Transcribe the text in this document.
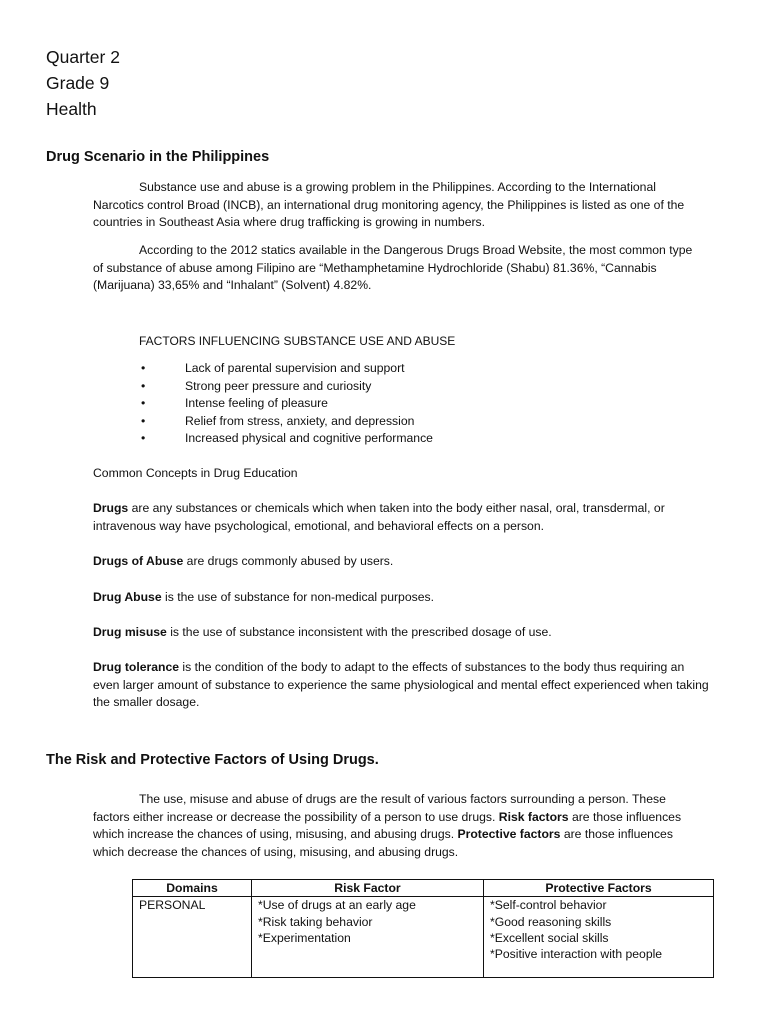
Quarter 2
Grade 9
Health
Drug Scenario in the Philippines

Substance use and abuse is a growing problem in the Philippines. According to the International Narcotics control Broad (INCB), an international drug monitoring agency, the Philippines is listed as one of the countries in Southeast Asia where drug trafficking is growing in numbers.

According to the 2012 statics available in the Dangerous Drugs Broad Website, the most common type of substance of abuse among Filipino are “Methamphetamine Hydrochloride (Shabu) 81.36%, “Cannabis (Marijuana) 33,65% and “Inhalant” (Solvent) 4.82%.

FACTORS INFLUENCING SUBSTANCE USE AND ABUSE
•	Lack of parental supervision and support
•	Strong peer pressure and curiosity
•	Intense feeling of pleasure
•	Relief from stress, anxiety, and depression
•	Increased physical and cognitive performance
Common Concepts in Drug Education
Drugs are any substances or chemicals which when taken into the body either nasal, oral, transdermal, or intravenous way have psychological, emotional, and behavioral effects on a person.
Drugs of Abuse are drugs commonly abused by users.
Drug Abuse is the use of substance for non-medical purposes.
Drug misuse is the use of substance inconsistent with the prescribed dosage of use.
Drug tolerance is the condition of the body to adapt to the effects of substances to the body thus requiring an even larger amount of substance to experience the same physiological and mental effect experienced when taking the smaller dosage.
The Risk and Protective Factors of Using Drugs.

The use, misuse and abuse of drugs are the result of various factors surrounding a person. These factors either increase or decrease the possibility of a person to use drugs. Risk factors are those influences which increase the chances of using, misusing, and abusing drugs. Protective factors are those influences which decrease the chances of using, misusing, and abusing drugs.

Domains	Risk Factor	Protective Factors

PERSONAL	*Use of drugs at an early age
*Risk taking behavior
*Experimentation	*Self-control behavior
*Good reasoning skills
*Excellent social skills
*Positive interaction with people
